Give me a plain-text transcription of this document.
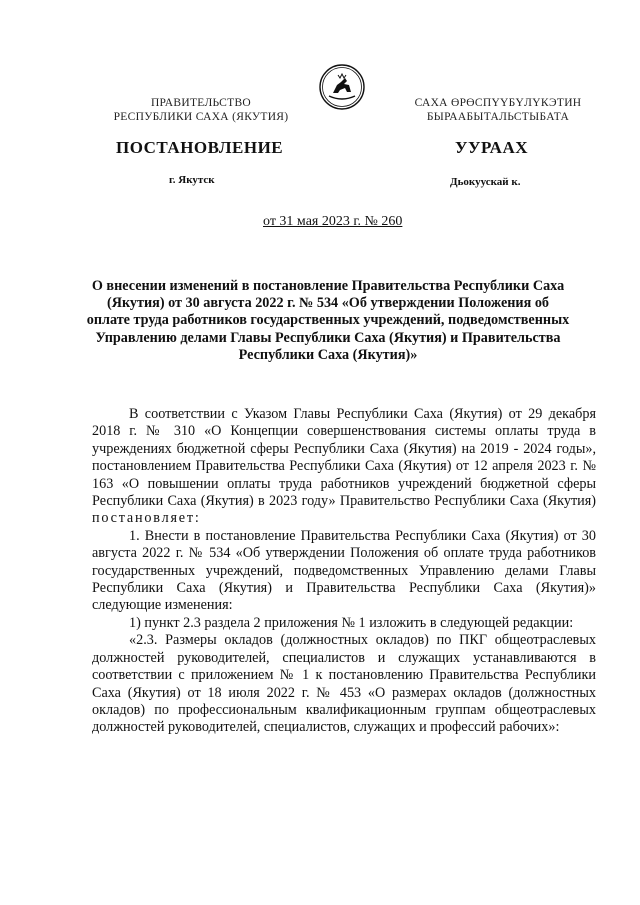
ПРАВИТЕЛЬСТВО
РЕСПУБЛИКИ САХА (ЯКУТИЯ)
САХА ӨРӨСПҮҮБҮЛҮКЭТИН
БЫРААБЫТАЛЬСТЫБАТА
ПОСТАНОВЛЕНИЕ	УУРААХ
г. Якутск	Дьокуускай к.
от 31 мая 2023 г. № 260
О внесении изменений в постановление Правительства Республики Саха (Якутия) от 30 августа 2022 г. № 534 «Об утверждении Положения об оплате труда работников государственных учреждений, подведомственных Управлению делами Главы Республики Саха (Якутия) и Правительства Республики Саха (Якутия)»

В соответствии с Указом Главы Республики Саха (Якутия) от 29 декабря 2018 г. № 310 «О Концепции совершенствования системы оплаты труда в учреждениях бюджетной сферы Республики Саха (Якутия) на 2019 - 2024 годы», постановлением Правительства Республики Саха (Якутия) от 12 апреля 2023 г. № 163 «О повышении оплаты труда работников учреждений бюджетной сферы Республики Саха (Якутия) в 2023 году» Правительство Республики Саха (Якутия) постановляет:

1. Внести в постановление Правительства Республики Саха (Якутия) от 30 августа 2022 г. № 534 «Об утверждении Положения об оплате труда работников государственных учреждений, подведомственных Управлению делами Главы Республики Саха (Якутия) и Правительства Республики Саха (Якутия)» следующие изменения:

1) пункт 2.3 раздела 2 приложения № 1 изложить в следующей редакции:

«2.3. Размеры окладов (должностных окладов) по ПКГ общеотраслевых должностей руководителей, специалистов и служащих устанавливаются в соответствии с приложением № 1 к постановлению Правительства Республики Саха (Якутия) от 18 июля 2022 г. № 453 «О размерах окладов (должностных окладов) по профессиональным квалификационным группам общеотраслевых должностей руководителей, специалистов, служащих и профессий рабочих»:
